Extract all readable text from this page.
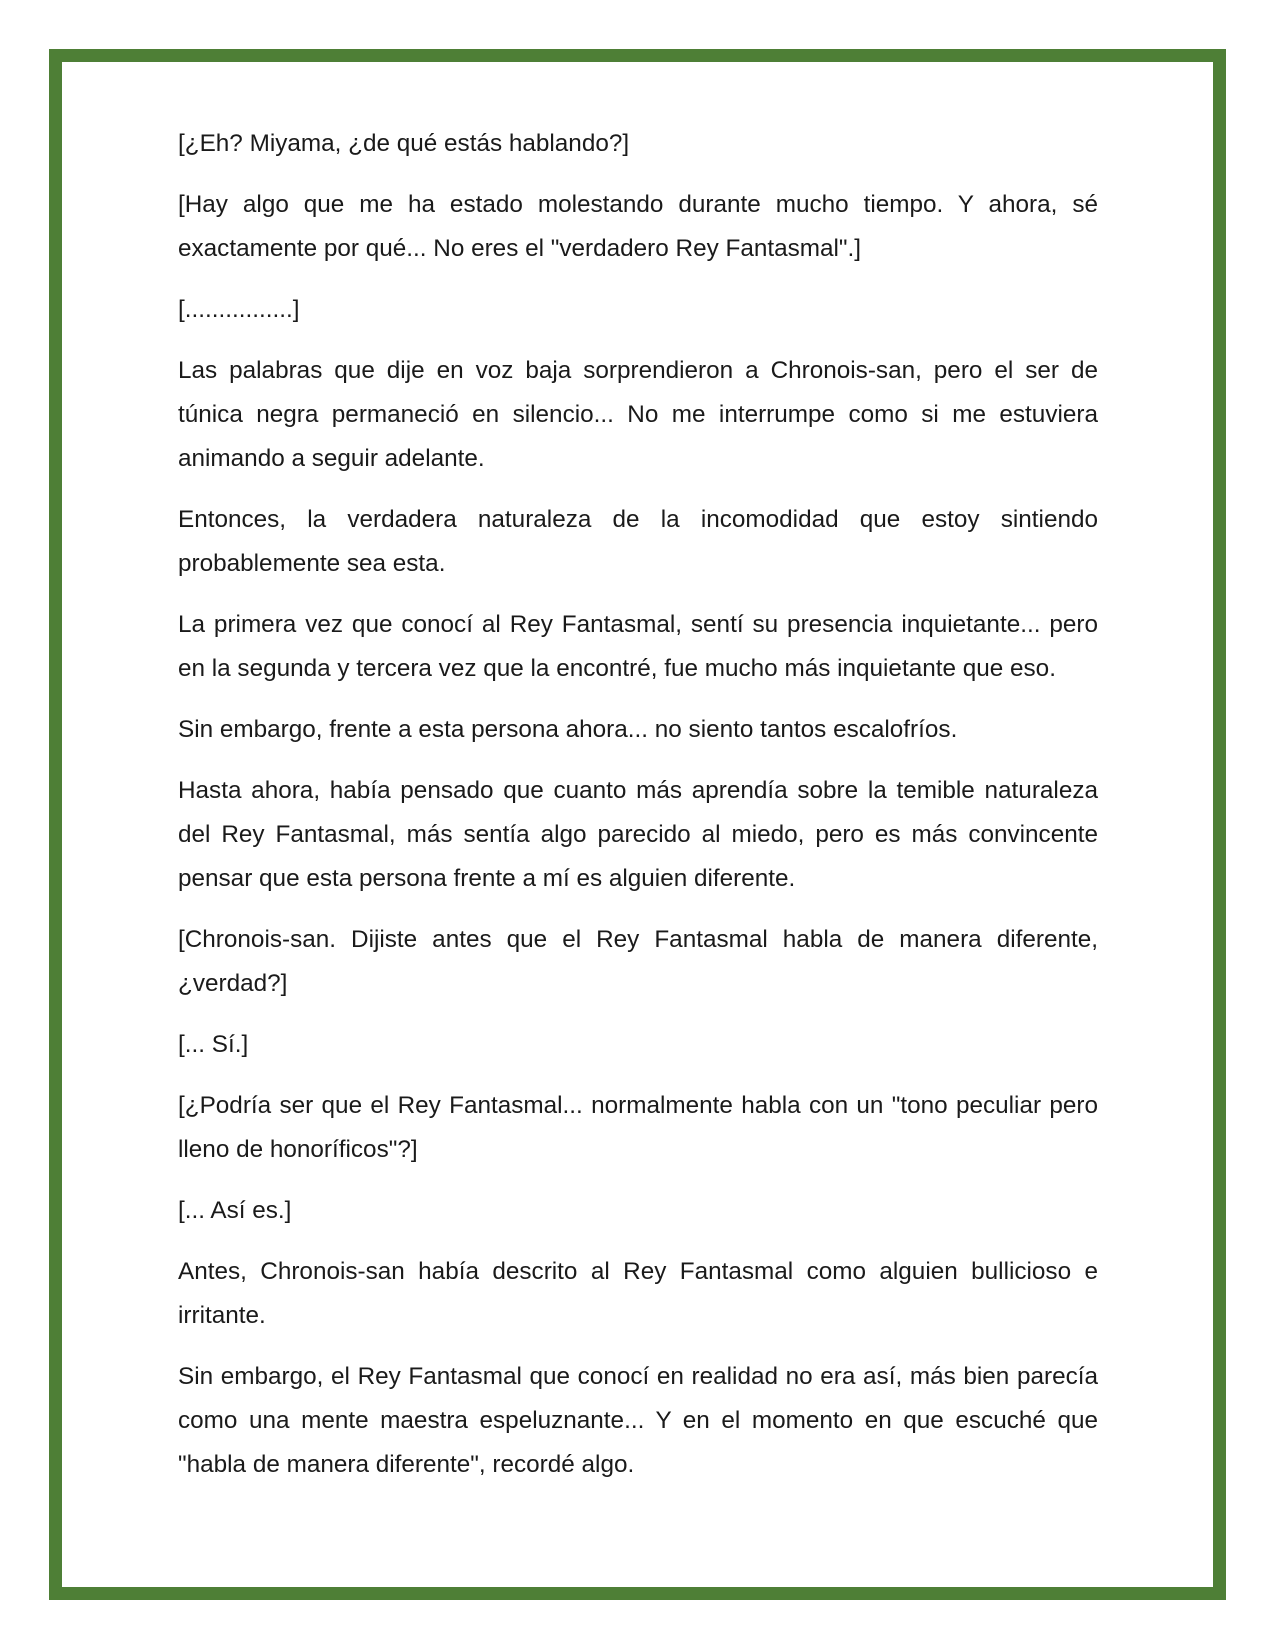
[¿Eh? Miyama, ¿de qué estás hablando?]

[Hay algo que me ha estado molestando durante mucho tiempo. Y ahora, sé exactamente por qué... No eres el "verdadero Rey Fantasmal".]

[................]

Las palabras que dije en voz baja sorprendieron a Chronois-san, pero el ser de túnica negra permaneció en silencio... No me interrumpe como si me estuviera animando a seguir adelante.

Entonces, la verdadera naturaleza de la incomodidad que estoy sintiendo probablemente sea esta.

La primera vez que conocí al Rey Fantasmal, sentí su presencia inquietante... pero en la segunda y tercera vez que la encontré, fue mucho más inquietante que eso.

Sin embargo, frente a esta persona ahora... no siento tantos escalofríos.

Hasta ahora, había pensado que cuanto más aprendía sobre la temible naturaleza del Rey Fantasmal, más sentía algo parecido al miedo, pero es más convincente pensar que esta persona frente a mí es alguien diferente.

[Chronois-san. Dijiste antes que el Rey Fantasmal habla de manera diferente, ¿verdad?]

[... Sí.]

[¿Podría ser que el Rey Fantasmal... normalmente habla con un "tono peculiar pero lleno de honoríficos"?]

[... Así es.]

Antes, Chronois-san había descrito al Rey Fantasmal como alguien bullicioso e irritante.

Sin embargo, el Rey Fantasmal que conocí en realidad no era así, más bien parecía como una mente maestra espeluznante... Y en el momento en que escuché que "habla de manera diferente", recordé algo.
